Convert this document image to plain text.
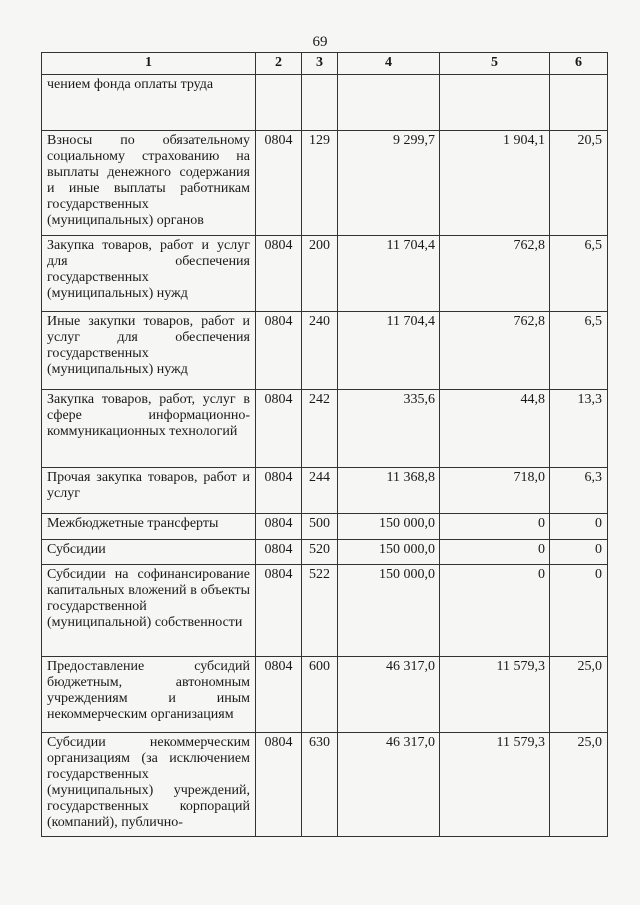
69
1	2	3	4	5	6
чением фонда оплаты труда					
Взносы по обязательному социальному страхованию на выплаты денежного содержания и иные выплаты работникам государственных (муниципальных) органов	0804	129	9 299,7	1 904,1	20,5
Закупка товаров, работ и услуг для обеспечения государственных (муниципальных) нужд	0804	200	11 704,4	762,8	6,5
Иные закупки товаров, работ и услуг для обеспечения государственных (муниципальных) нужд	0804	240	11 704,4	762,8	6,5
Закупка товаров, работ, услуг в сфере информационно-коммуникационных технологий	0804	242	335,6	44,8	13,3
Прочая закупка товаров, работ и услуг	0804	244	11 368,8	718,0	6,3
Межбюджетные трансферты	0804	500	150 000,0	0	0
Субсидии	0804	520	150 000,0	0	0
Субсидии на софинансирование капитальных вложений в объекты государственной (муниципальной) собственности	0804	522	150 000,0	0	0
Предоставление субсидий бюджетным, автономным учреждениям и иным некоммерческим организациям	0804	600	46 317,0	11 579,3	25,0
Субсидии некоммерческим организациям (за исключением государственных (муниципальных) учреждений, государственных корпораций (компаний), публично-	0804	630	46 317,0	11 579,3	25,0
